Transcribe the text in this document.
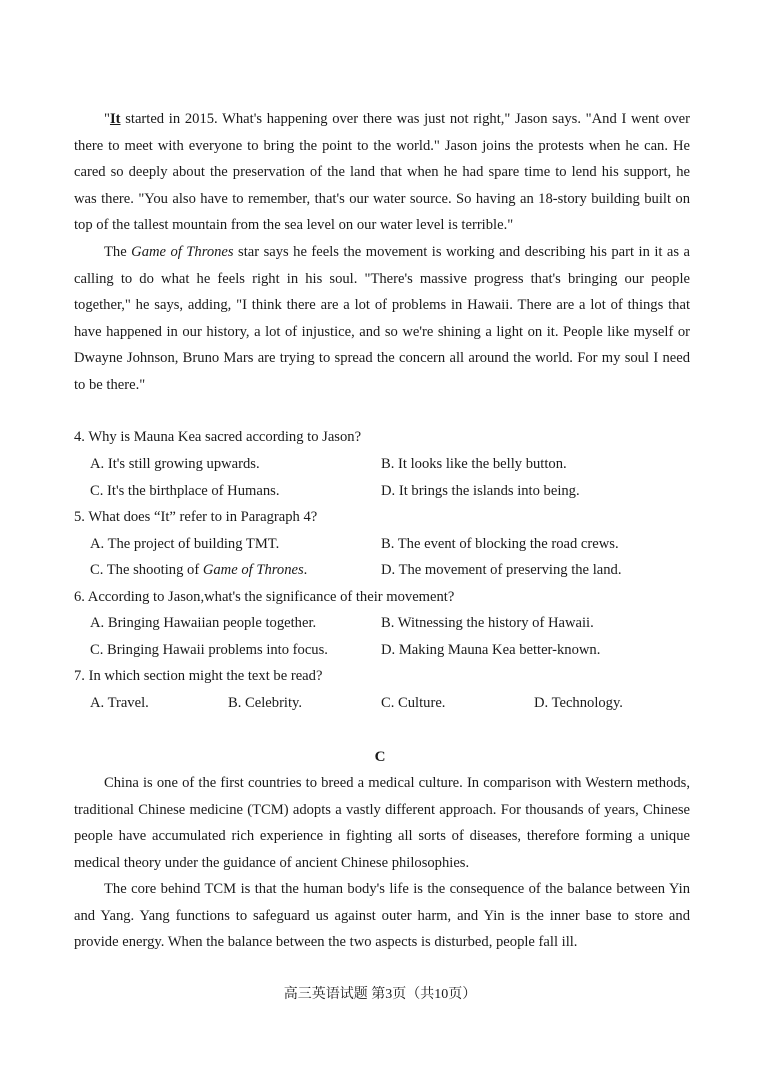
"It started in 2015. What's happening over there was just not right," Jason says. "And I went over there to meet with everyone to bring the point to the world." Jason joins the protests when he can. He cared so deeply about the preservation of the land that when he had spare time to lend his support, he was there. "You also have to remember, that's our water source. So having an 18-story building built on top of the tallest mountain from the sea level on our water level is terrible."

The Game of Thrones star says he feels the movement is working and describing his part in it as a calling to do what he feels right in his soul. "There's massive progress that's bringing our people together," he says, adding, "I think there are a lot of problems in Hawaii. There are a lot of things that have happened in our history, a lot of injustice, and so we're shining a light on it. People like myself or Dwayne Johnson, Bruno Mars are trying to spread the concern all around the world. For my soul I need to be there."

4. Why is Mauna Kea sacred according to Jason?

A. It's still growing upwards.	B. It looks like the belly button.

C. It's the birthplace of Humans.	D. It brings the islands into being.

5. What does “It” refer to in Paragraph 4?

A. The project of building TMT.	B. The event of blocking the road crews.

C. The shooting of Game of Thrones.	D. The movement of preserving the land.

6. According to Jason,what's the significance of their movement?

A. Bringing Hawaiian people together.	B. Witnessing the history of Hawaii.

C. Bringing Hawaii problems into focus.	D. Making Mauna Kea better-known.

7. In which section might the text be read?

A. Travel.	B. Celebrity.	C. Culture.	D. Technology.

C

China is one of the first countries to breed a medical culture. In comparison with Western methods, traditional Chinese medicine (TCM) adopts a vastly different approach. For thousands of years, Chinese people have accumulated rich experience in fighting all sorts of diseases, therefore forming a unique medical theory under the guidance of ancient Chinese philosophies.

The core behind TCM is that the human body's life is the consequence of the balance between Yin and Yang. Yang functions to safeguard us against outer harm, and Yin is the inner base to store and provide energy. When the balance between the two aspects is disturbed, people fall ill.

高三英语试题 第3页（共10页）
